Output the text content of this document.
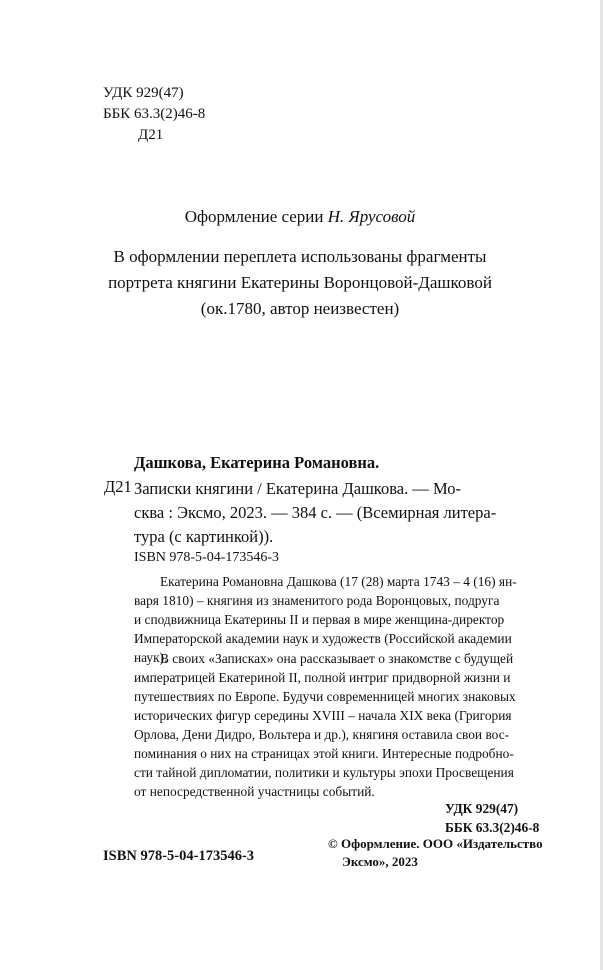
УДК 929(47)
ББК 63.3(2)46-8
Д21
Оформление серии Н. Ярусовой
В оформлении переплета использованы фрагменты
портрета княгини Екатерины Воронцовой-Дашковой
(ок.1780, автор неизвестен)
Дашкова, Екатерина Романовна.
Д21 Записки княгини / Екатерина Дашкова. — Мо-
сква : Эксмо, 2023. — 384 с. — (Всемирная литера-
тура (с картинкой)).
ISBN 978-5-04-173546-3
Екатерина Романовна Дашкова (17 (28) марта 1743 – 4 (16) ян-
варя 1810) – княгиня из знаменитого рода Воронцовых, подруга
и сподвижница Екатерины II и первая в мире женщина-директор
Императорской академии наук и художеств (Российской академии
наук).
В своих «Записках» она рассказывает о знакомстве с будущей
императрицей Екатериной II, полной интриг придворной жизни и
путешествиях по Европе. Будучи современницей многих знаковых
исторических фигур середины XVIII – начала XIX века (Григория
Орлова, Дени Дидро, Вольтера и др.), княгиня оставила свои вос-
поминания о них на страницах этой книги. Интересные подробно-
сти тайной дипломатии, политики и культуры эпохи Просвещения
от непосредственной участницы событий.
УДК 929(47)
ББК 63.3(2)46-8
ISBN 978-5-04-173546-3
© Оформление. ООО «Издательство
Эксмо», 2023
